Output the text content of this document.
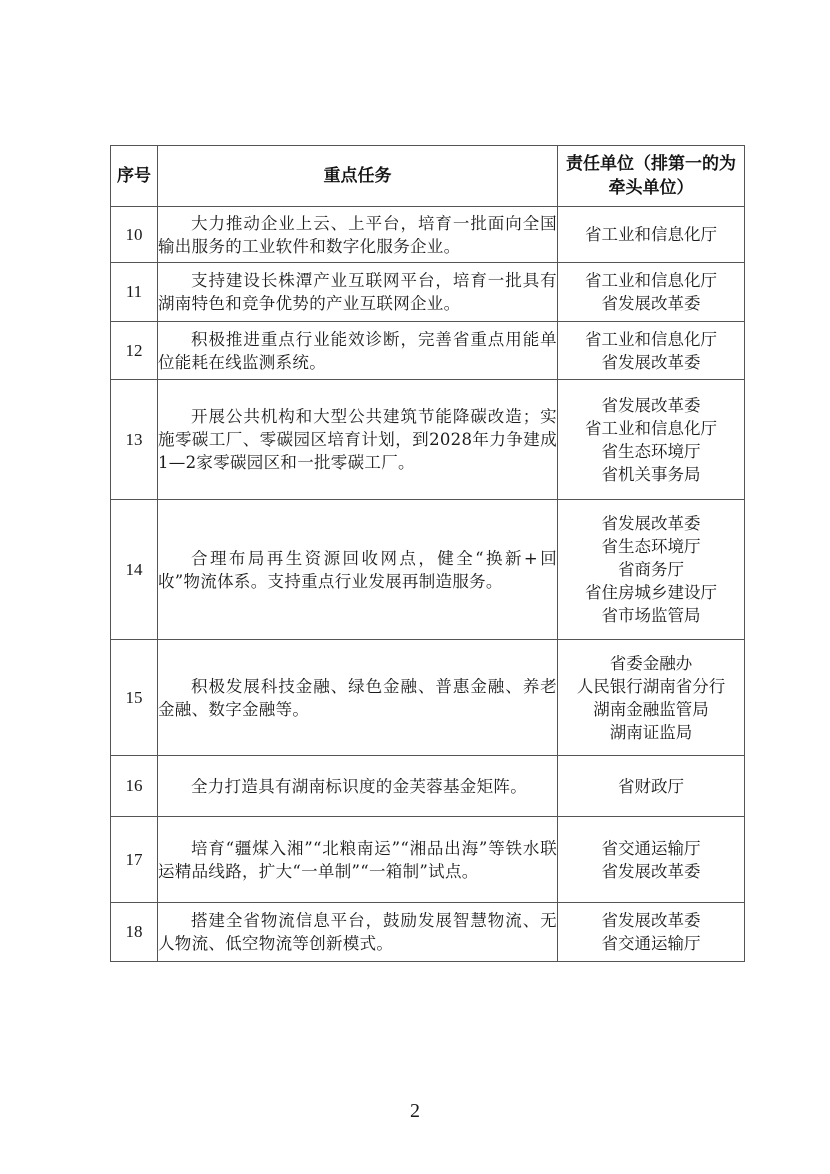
序号	重点任务	责任单位（排第一的为牵头单位）
10	大力推动企业上云、上平台，培育一批面向全国输出服务的工业软件和数字化服务企业。	省工业和信息化厅

11	支持建设长株潭产业互联网平台，培育一批具有湖南特色和竞争优势的产业互联网企业。	省工业和信息化厅
省发展改革委

12	积极推进重点行业能效诊断，完善省重点用能单位能耗在线监测系统。	省工业和信息化厅
省发展改革委

13	开展公共机构和大型公共建筑节能降碳改造；实施零碳工厂、零碳园区培育计划，到2028年力争建成1—2家零碳园区和一批零碳工厂。	省发展改革委
省工业和信息化厅
省生态环境厅
省机关事务局

14	合理布局再生资源回收网点，健全“换新+回收”物流体系。支持重点行业发展再制造服务。	省发展改革委
省生态环境厅
省商务厅
省住房城乡建设厅
省市场监管局

15	积极发展科技金融、绿色金融、普惠金融、养老金融、数字金融等。	省委金融办
人民银行湖南省分行
湖南金融监管局
湖南证监局

16	全力打造具有湖南标识度的金芙蓉基金矩阵。	省财政厅

17	培育“疆煤入湘”“北粮南运”“湘品出海”等铁水联运精品线路，扩大“一单制”“一箱制”试点。	省交通运输厅
省发展改革委

18	搭建全省物流信息平台，鼓励发展智慧物流、无人物流、低空物流等创新模式。	省发展改革委
省交通运输厅
2
